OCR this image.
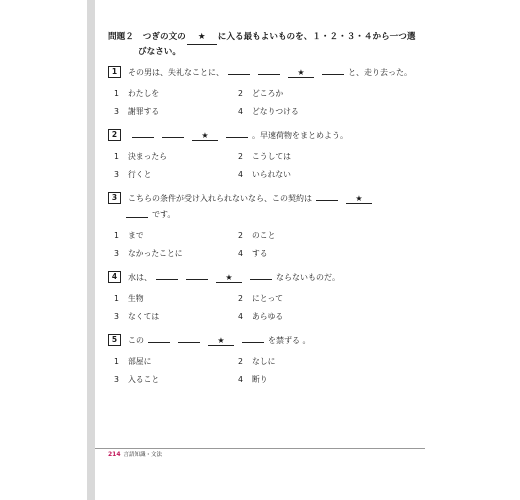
問題２ つぎの文の ★ に入る最もよいものを、１・２・３・４から一つ選
びなさい。
1	その男は、失礼なことに、	★	と、走り去った。
1	わたしを	2	どころか
3	謝罪する	4	どなりつける
2	★	。早速荷物をまとめよう。
1	決まったら	2	こうしては
3	行くと	4	いられない
3	こちらの条件が受け入れられないなら、この契約は	★
です。
1	まで	2	のこと
3	なかったことに	4	する
4	水は、	★	ならないものだ。
1	生物	2	にとって
3	なくては	4	あらゆる
5	この	★	を禁ずる 。
1	部屋に	2	なしに
3	入ること	4	断り
214 言語知識・文法
